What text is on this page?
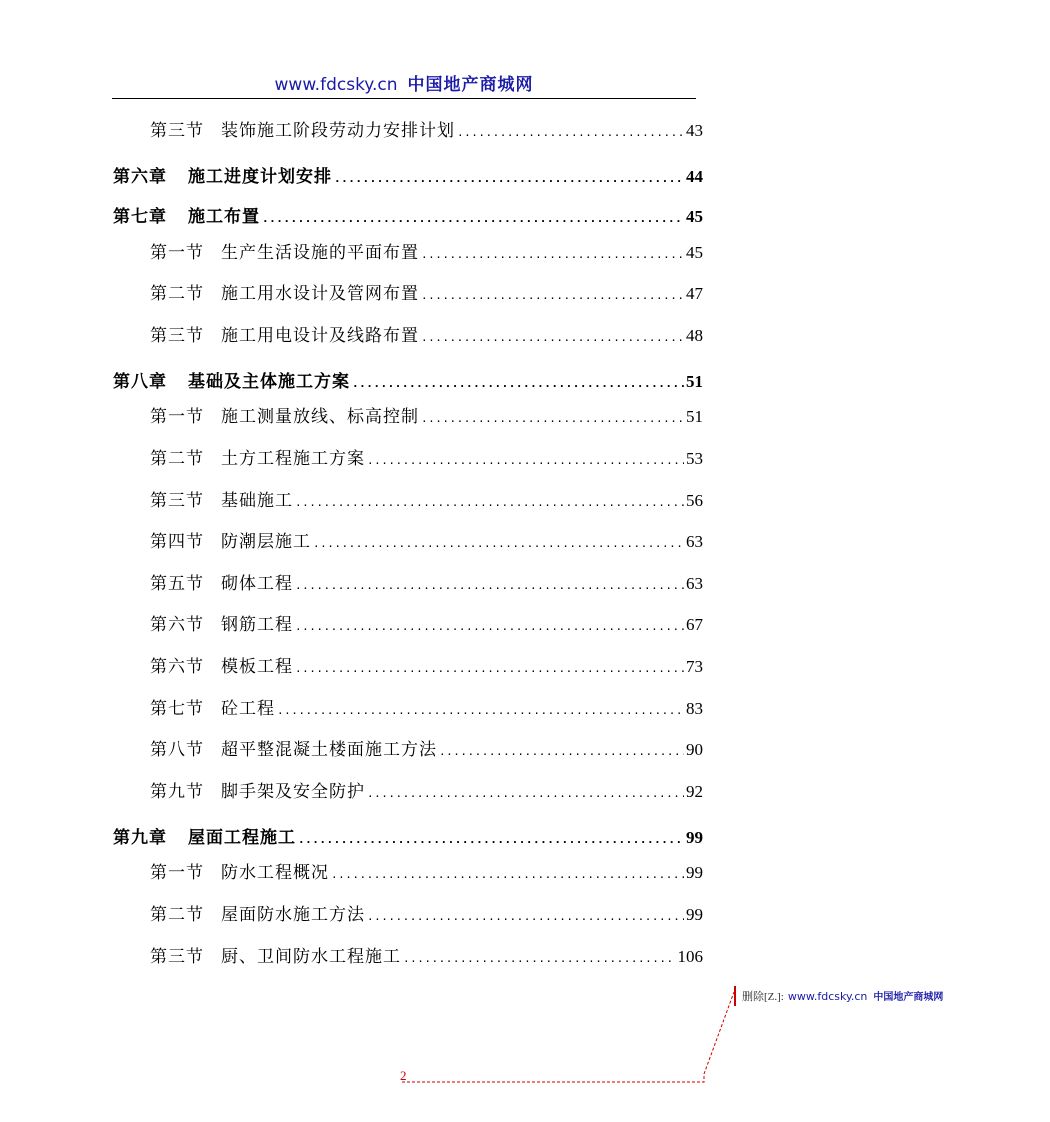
www.fdcsky.cn 中国地产商城网
第三节	装饰施工阶段劳动力安排计划 .....	43
第六章	施工进度计划安排 .....	44
第七章	施工布置 .....	45
第一节	生产生活设施的平面布置 .....	45
第二节	施工用水设计及管网布置 .....	47
第三节	施工用电设计及线路布置 .....	48
第八章	基础及主体施工方案 .....	51
第一节	施工测量放线、标高控制 .....	51
第二节	土方工程施工方案 .....	53
第三节	基础施工 .....	56
第四节	防潮层施工 .....	63
第五节	砌体工程 .....	63
第六节	钢筋工程 .....	67
第六节	模板工程 .....	73
第七节	砼工程 .....	83
第八节	超平整混凝土楼面施工方法 .....	90
第九节	脚手架及安全防护 .....	92
第九章	屋面工程施工 .....	99
第一节	防水工程概况 .....	99
第二节	屋面防水施工方法 .....	99
第三节	厨、卫间防水工程施工 .....	106
删除[Z.]: www.fdcsky.cn 中国地产商城网
2
